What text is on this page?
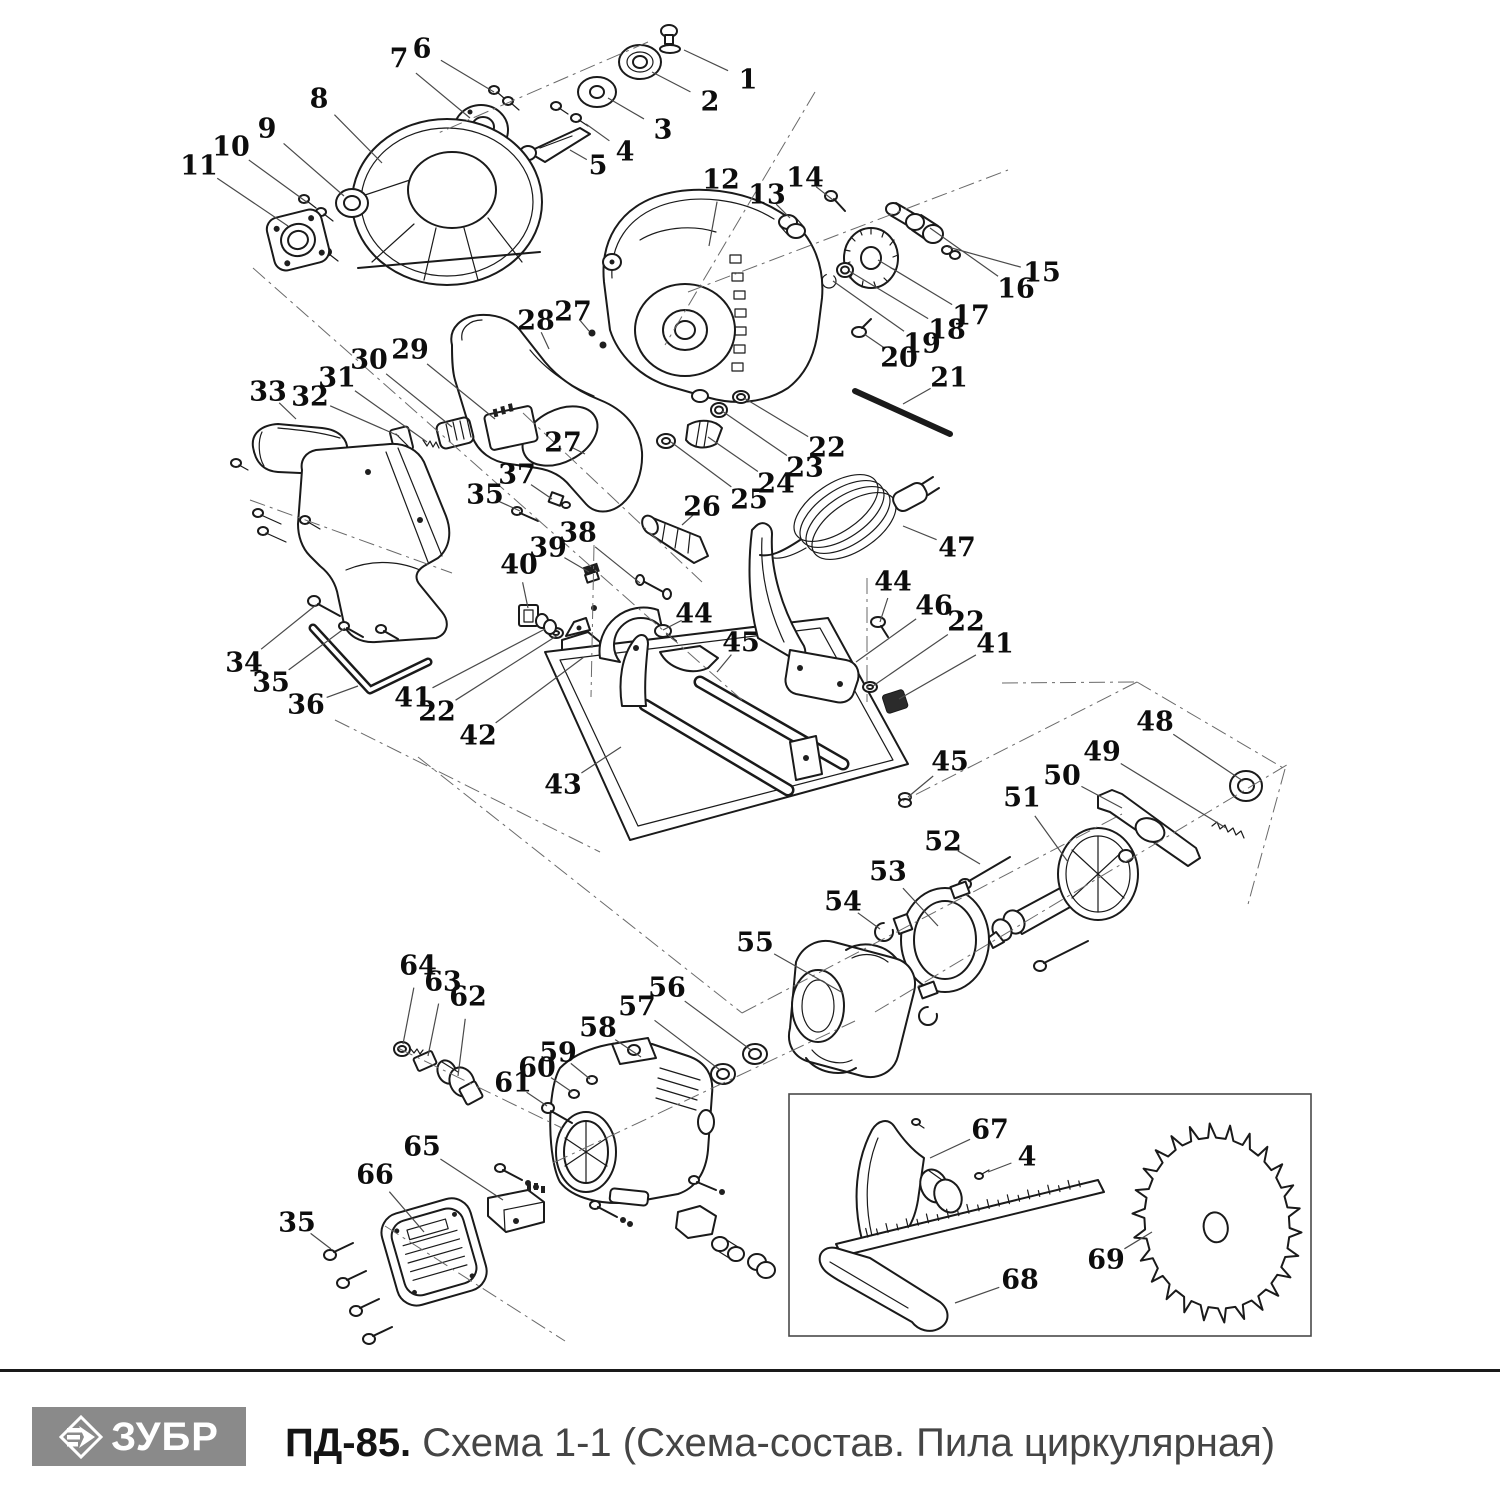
1
2
3
4
5
6
7
8
9
10
11	12 13
14
15
16
17
18
19
20
21
22
23
24
25
26
27
28
29
30
31
32
33
27
37
35
38
39
40
34
35
36	41
22
42
43
44
45
44
46
22
41
45
47
48
49
50
51
52
53
54
55
56
57
58
59
60
61
62
63
64
65
66
35
67
4
68
69
ЗУБР ПД-85. Схема 1-1 (Схема-состав. Пила циркулярная)
